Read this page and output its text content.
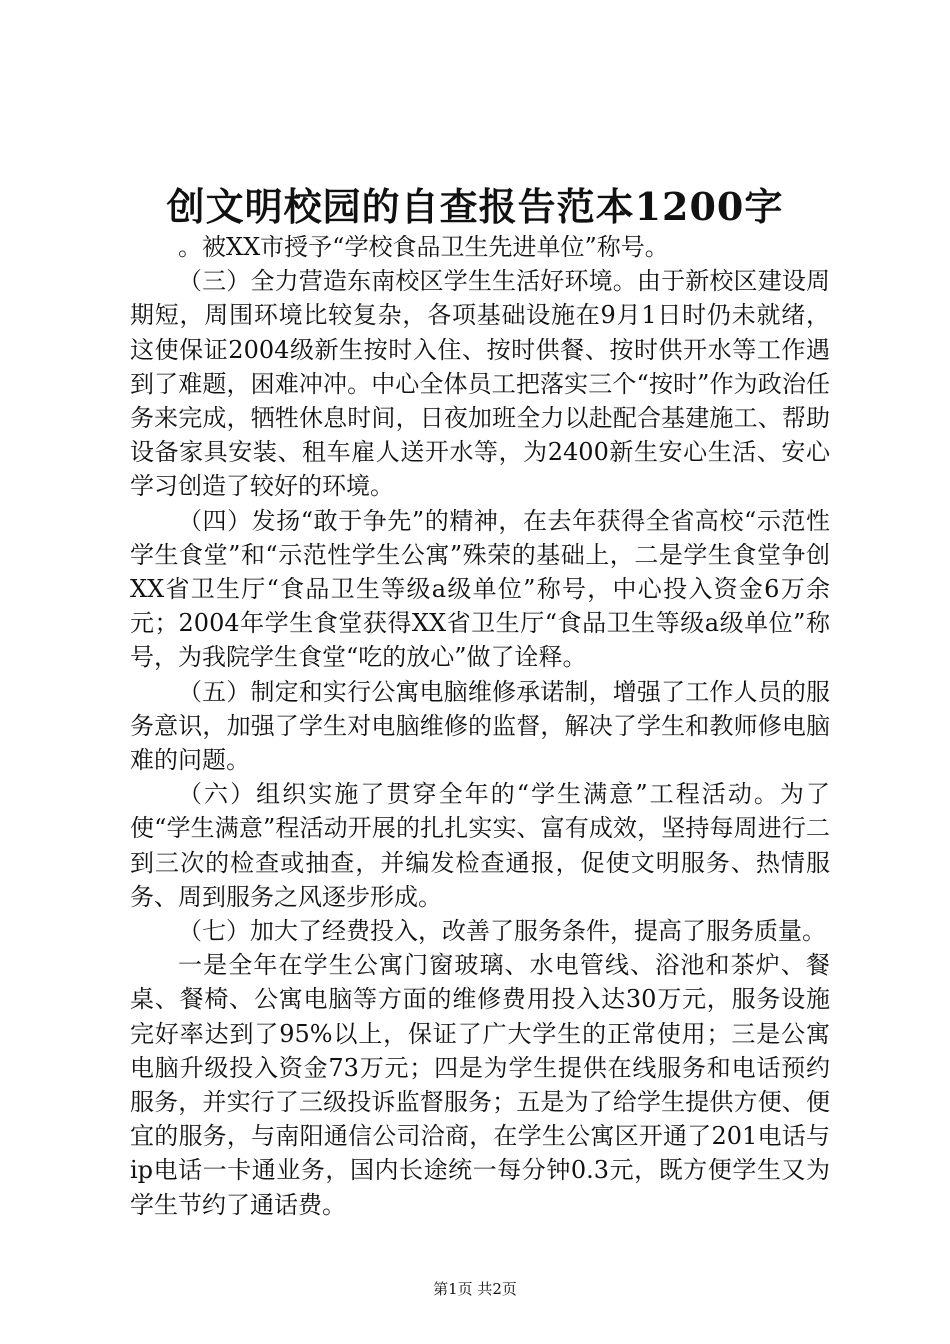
创文明校园的自查报告范本1200字

。被XX市授予“学校食品卫生先进单位”称号。

（三）全力营造东南校区学生生活好环境。由于新校区建设周期短，周围环境比较复杂，各项基础设施在9月1日时仍未就绪，这使保证2004级新生按时入住、按时供餐、按时供开水等工作遇到了难题，困难冲冲。中心全体员工把落实三个“按时”作为政治任务来完成，牺牲休息时间，日夜加班全力以赴配合基建施工、帮助设备家具安装、租车雇人送开水等，为2400新生安心生活、安心学习创造了较好的环境。

（四）发扬“敢于争先”的精神，在去年获得全省高校“示范性学生食堂”和“示范性学生公寓”殊荣的基础上，二是学生食堂争创XX省卫生厅“食品卫生等级a级单位”称号，中心投入资金6万余元；2004年学生食堂获得XX省卫生厅“食品卫生等级a级单位”称号，为我院学生食堂“吃的放心”做了诠释。

（五）制定和实行公寓电脑维修承诺制，增强了工作人员的服务意识，加强了学生对电脑维修的监督，解决了学生和教师修电脑难的问题。

（六）组织实施了贯穿全年的“学生满意”工程活动。为了使“学生满意”程活动开展的扎扎实实、富有成效，坚持每周进行二到三次的检查或抽查，并编发检查通报，促使文明服务、热情服务、周到服务之风逐步形成。

（七）加大了经费投入，改善了服务条件，提高了服务质量。

一是全年在学生公寓门窗玻璃、水电管线、浴池和茶炉、餐桌、餐椅、公寓电脑等方面的维修费用投入达30万元，服务设施完好率达到了95%以上，保证了广大学生的正常使用；三是公寓电脑升级投入资金73万元；四是为学生提供在线服务和电话预约服务，并实行了三级投诉监督服务；五是为了给学生提供方便、便宜的服务，与南阳通信公司洽商，在学生公寓区开通了201电话与ip电话一卡通业务，国内长途统一每分钟0.3元，既方便学生又为学生节约了通话费。

第1页 共2页
